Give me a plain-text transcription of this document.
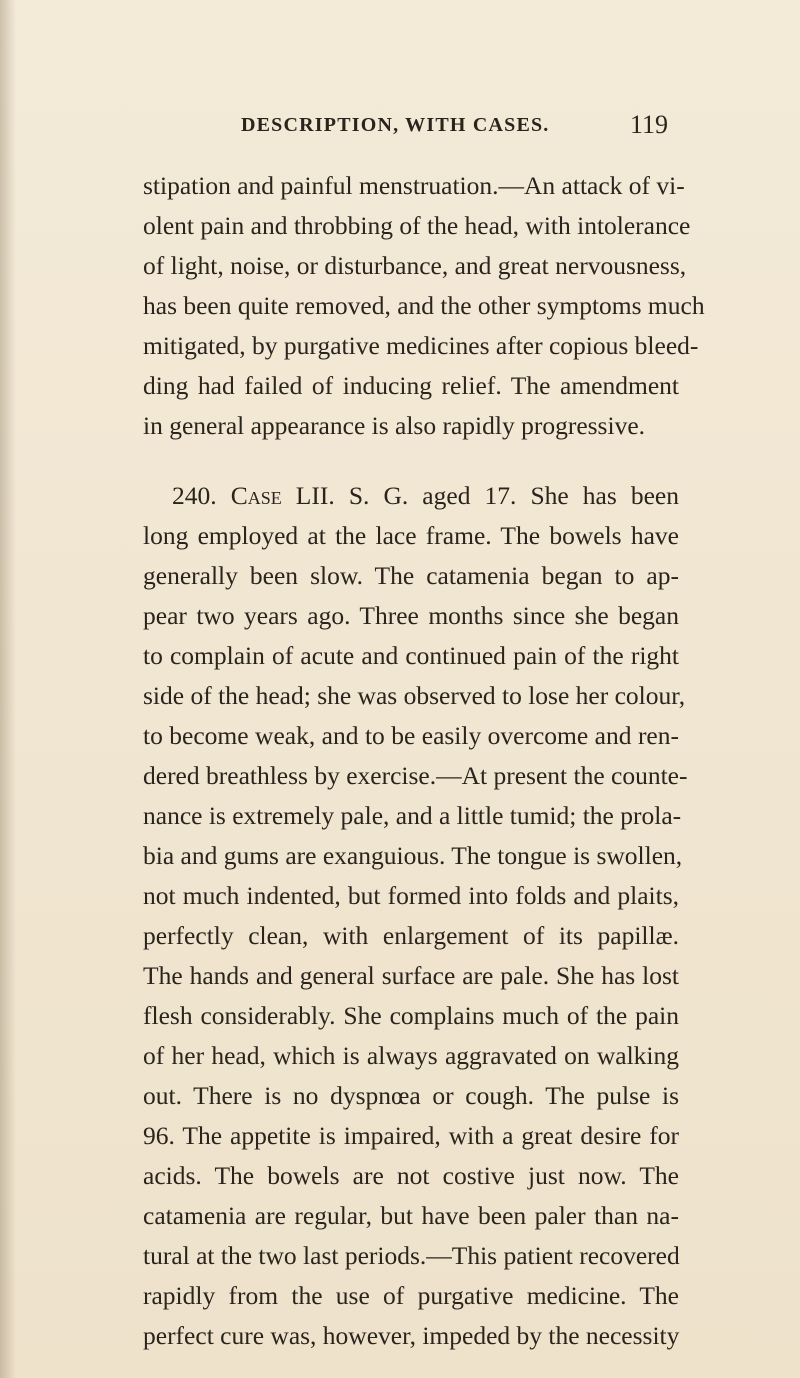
DESCRIPTION, WITH CASES.	119
stipation and painful menstruation.—An attack of vi-
olent pain and throbbing of the head, with intolerance
of light, noise, or disturbance, and great nervousness,
has been quite removed, and the other symptoms much
mitigated, by purgative medicines after copious bleed-
ding had failed of inducing relief. The amendment
in general appearance is also rapidly progressive.
240. Case LII. S. G. aged 17. She has been
long employed at the lace frame. The bowels have
generally been slow. The catamenia began to ap-
pear two years ago. Three months since she began
to complain of acute and continued pain of the right
side of the head; she was observed to lose her colour,
to become weak, and to be easily overcome and ren-
dered breathless by exercise.—At present the counte-
nance is extremely pale, and a little tumid; the prola-
bia and gums are exanguious. The tongue is swollen,
not much indented, but formed into folds and plaits,
perfectly clean, with enlargement of its papillæ.
The hands and general surface are pale. She has lost
flesh considerably. She complains much of the pain
of her head, which is always aggravated on walking
out. There is no dyspnœa or cough. The pulse is
96. The appetite is impaired, with a great desire for
acids. The bowels are not costive just now. The
catamenia are regular, but have been paler than na-
tural at the two last periods.—This patient recovered
rapidly from the use of purgative medicine. The
perfect cure was, however, impeded by the necessity
